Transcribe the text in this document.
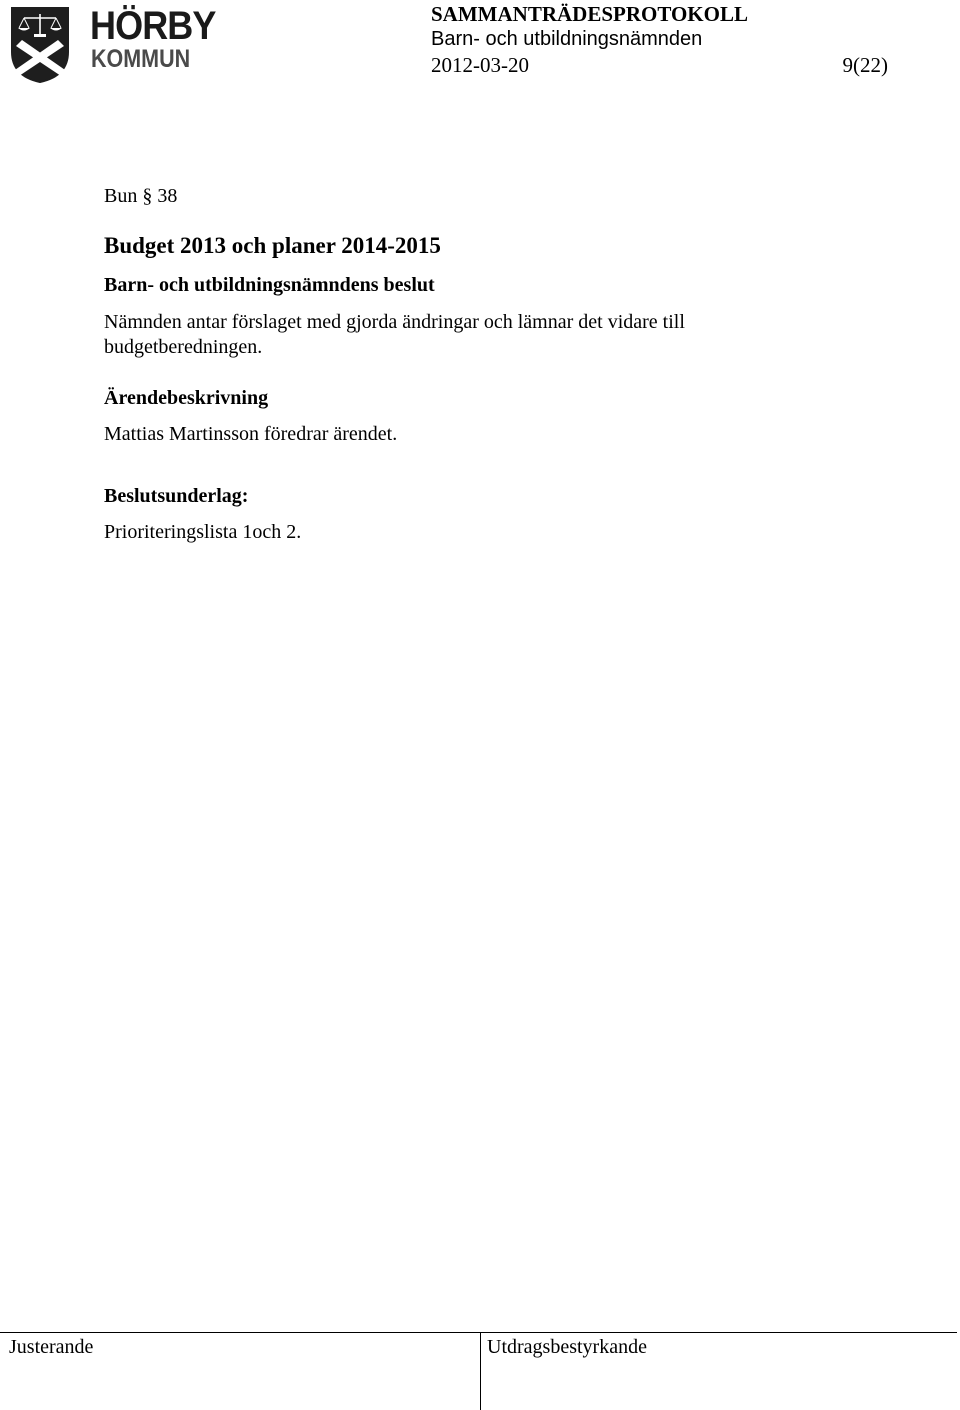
HÖRBY
KOMMUN
SAMMANTRÄDESPROTOKOLL
Barn- och utbildningsnämnden
2012-03-20	9(22)
Bun § 38
Budget 2013 och planer 2014-2015
Barn- och utbildningsnämndens beslut
Nämnden antar förslaget med gjorda ändringar och lämnar det vidare till budgetberedningen.
Ärendebeskrivning
Mattias Martinsson föredrar ärendet.
Beslutsunderlag:
Prioriteringslista 1och 2.
Justerande	Utdragsbestyrkande
